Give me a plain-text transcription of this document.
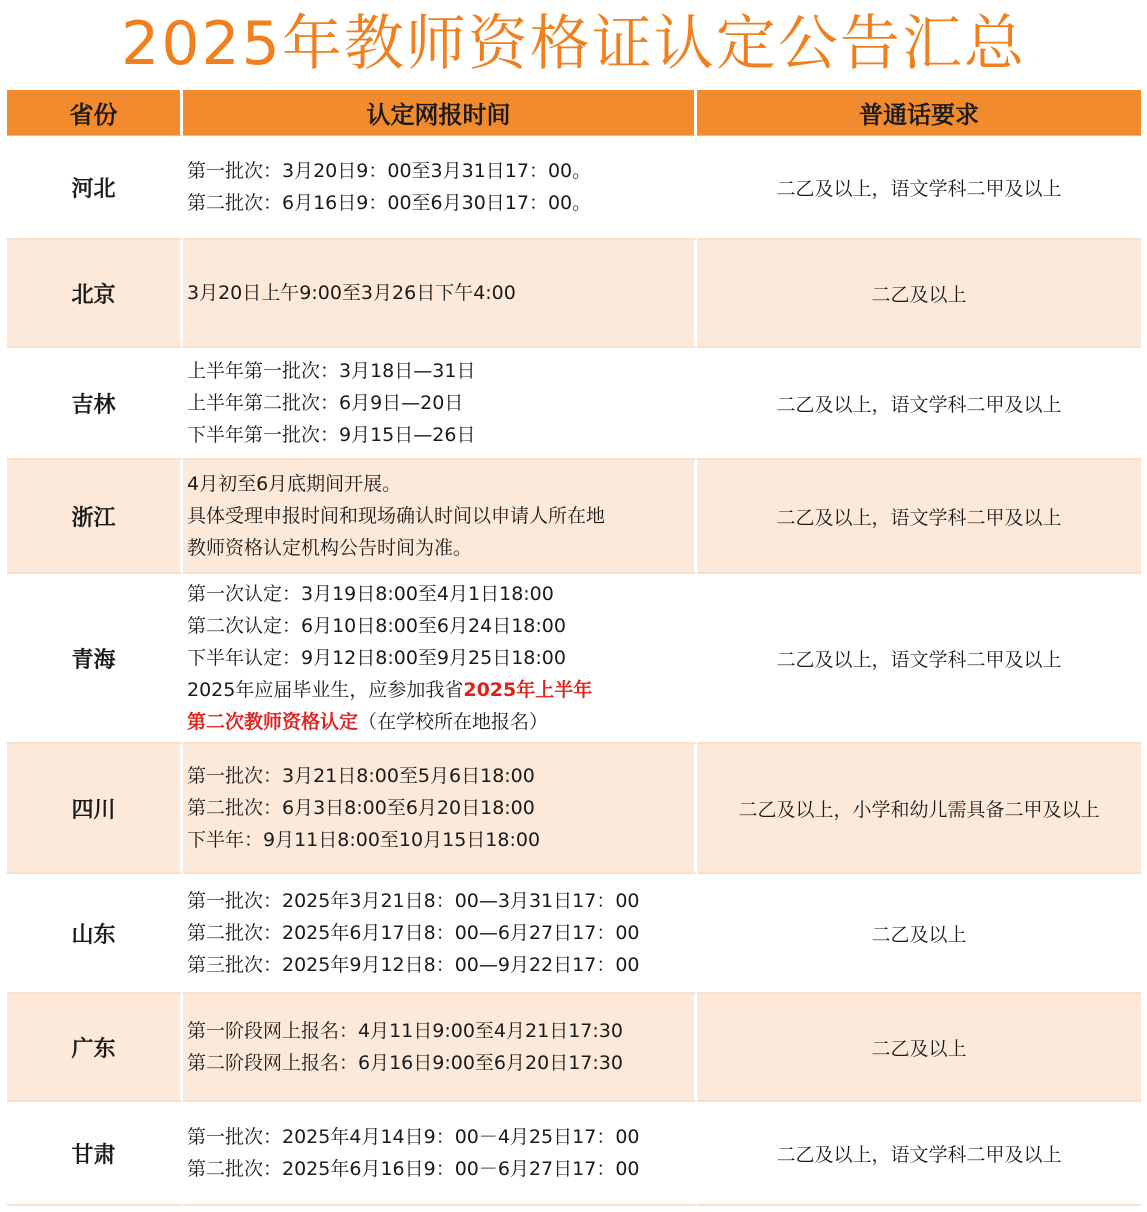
2025年教师资格证认定公告汇总
省份	认定网报时间	普通话要求
河北	第一批次：3月20日9：00至3月31日17：00。
第二批次：6月16日9：00至6月30日17：00。	二乙及以上，语文学科二甲及以上
北京	3月20日上午9:00至3月26日下午4:00	二乙及以上
吉林	上半年第一批次：3月18日—31日
上半年第二批次：6月9日—20日
下半年第一批次：9月15日—26日	二乙及以上，语文学科二甲及以上
浙江	4月初至6月底期间开展。
具体受理申报时间和现场确认时间以申请人所在地
教师资格认定机构公告时间为准。	二乙及以上，语文学科二甲及以上
青海	第一次认定：3月19日8:00至4月1日18:00
第二次认定：6月10日8:00至6月24日18:00
下半年认定：9月12日8:00至9月25日18:00
2025年应届毕业生，应参加我省2025年上半年
第二次教师资格认定（在学校所在地报名）	二乙及以上，语文学科二甲及以上
四川	第一批次：3月21日8:00至5月6日18:00
第二批次：6月3日8:00至6月20日18:00
下半年：9月11日8:00至10月15日18:00	二乙及以上，小学和幼儿需具备二甲及以上
山东	第一批次：2025年3月21日8：00—3月31日17：00
第二批次：2025年6月17日8：00—6月27日17：00
第三批次：2025年9月12日8：00—9月22日17：00	二乙及以上
广东	第一阶段网上报名：4月11日9:00至4月21日17:30
第二阶段网上报名：6月16日9:00至6月20日17:30	二乙及以上
甘肃	第一批次：2025年4月14日9：00－4月25日17：00
第二批次：2025年6月16日9：00－6月27日17：00	二乙及以上，语文学科二甲及以上
